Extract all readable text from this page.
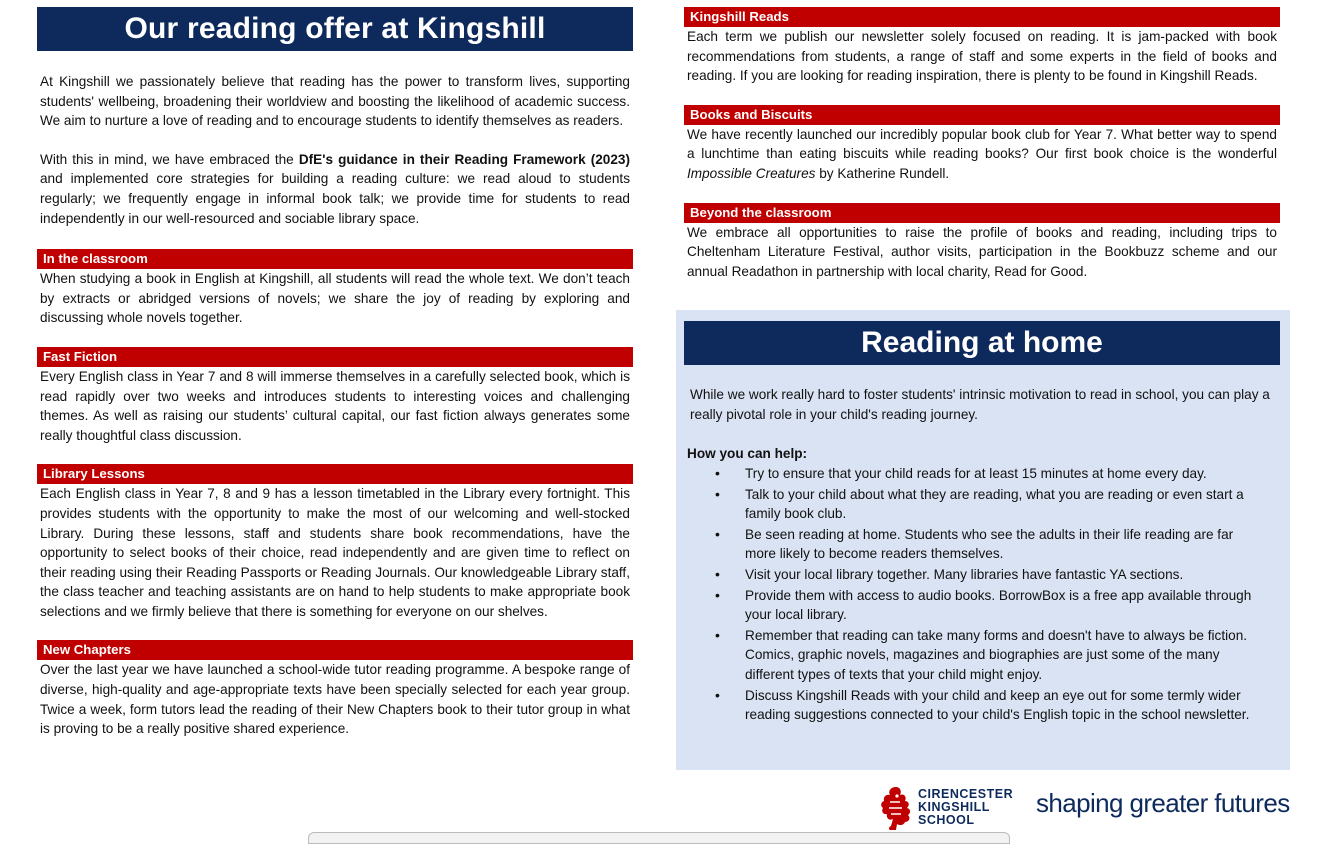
Our reading offer at Kingshill

At Kingshill we passionately believe that reading has the power to transform lives, supporting students' wellbeing, broadening their worldview and boosting the likelihood of academic success. We aim to nurture a love of reading and to encourage students to identify themselves as readers.

With this in mind, we have embraced the DfE's guidance in their Reading Framework (2023) and implemented core strategies for building a reading culture: we read aloud to students regularly; we frequently engage in informal book talk; we provide time for students to read independently in our well-resourced and sociable library space.

In the classroom
When studying a book in English at Kingshill, all students will read the whole text. We don’t teach by extracts or abridged versions of novels; we share the joy of reading by exploring and discussing whole novels together.
Fast Fiction
Every English class in Year 7 and 8 will immerse themselves in a carefully selected book, which is read rapidly over two weeks and introduces students to interesting voices and challenging themes. As well as raising our students’ cultural capital, our fast fiction always generates some really thoughtful class discussion.
Library Lessons
Each English class in Year 7, 8 and 9 has a lesson timetabled in the Library every fortnight. This provides students with the opportunity to make the most of our welcoming and well-stocked Library. During these lessons, staff and students share book recommendations, have the opportunity to select books of their choice, read independently and are given time to reflect on their reading using their Reading Passports or Reading Journals. Our knowledgeable Library staff, the class teacher and teaching assistants are on hand to help students to make appropriate book selections and we firmly believe that there is something for everyone on our shelves.
New Chapters
Over the last year we have launched a school-wide tutor reading programme. A bespoke range of diverse, high-quality and age-appropriate texts have been specially selected for each year group. Twice a week, form tutors lead the reading of their New Chapters book to their tutor group in what is proving to be a really positive shared experience.
Kingshill Reads
Each term we publish our newsletter solely focused on reading. It is jam-packed with book recommendations from students, a range of staff and some experts in the field of books and reading. If you are looking for reading inspiration, there is plenty to be found in Kingshill Reads.
Books and Biscuits
We have recently launched our incredibly popular book club for Year 7. What better way to spend a lunchtime than eating biscuits while reading books? Our first book choice is the wonderful Impossible Creatures by Katherine Rundell.
Beyond the classroom
We embrace all opportunities to raise the profile of books and reading, including trips to Cheltenham Literature Festival, author visits, participation in the Bookbuzz scheme and our annual Readathon in partnership with local charity, Read for Good.
Reading at home

While we work really hard to foster students' intrinsic motivation to read in school, you can play a really pivotal role in your child's reading journey.

How you can help:
• Try to ensure that your child reads for at least 15 minutes at home every day.
• Talk to your child about what they are reading, what you are reading or even start a family book club.
• Be seen reading at home. Students who see the adults in their life reading are far more likely to become readers themselves.
• Visit your local library together. Many libraries have fantastic YA sections.
• Provide them with access to audio books. BorrowBox is a free app available through your local library.
• Remember that reading can take many forms and doesn't have to always be fiction. Comics, graphic novels, magazines and biographies are just some of the many different types of texts that your child might enjoy.
• Discuss Kingshill Reads with your child and keep an eye out for some termly wider reading suggestions connected to your child's English topic in the school newsletter.
CIRENCESTER
KINGSHILL
SCHOOL
shaping greater futures
